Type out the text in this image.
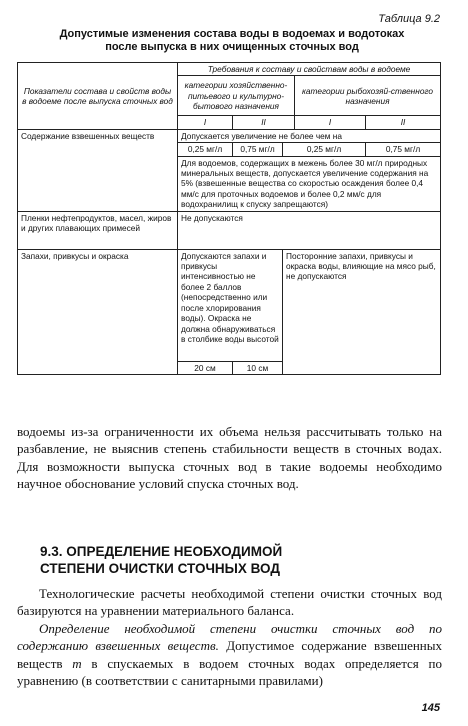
Таблица 9.2
Допустимые изменения состава воды в водоемах и водотоках
после выпуска в них очищенных сточных вод
Показатели состава и свойств воды в водоеме после выпуска сточных вод	Требования к составу и свойствам воды в водоеме				
	категории хозяйственно-питьевого и культурно-бытового назначения			категории рыбохозяй-ственного назначения	
	I	II		I	II
Содержание взвешенных веществ	Допускается увеличение не более чем на				
	0,25 мг/л	0,75 мг/л	0,25 мг/л		0,75 мг/л
	Для водоемов, содержащих в межень более 30 мг/л природных минеральных веществ, допускается увеличение содержания на 5% (взвешенные вещества со скоростью осаждения более 0,4 мм/с для проточных водоемов и более 0,2 мм/с для водохранилищ к спуску запрещаются)				
Пленки нефтепродуктов, масел, жиров и других плавающих примесей	Не допускаются				
Запахи, привкусы и окраска	Допускаются запахи и привкусы интенсивностью не более 2 баллов (непосредственно или после хлорирования воды). Окраска не должна обнаруживаться в столбике воды высотой		Посторонние запахи, привкусы и окраска воды, влияющие на мясо рыб, не допускаются		
	20 см	10 см			

водоемы из-за ограниченности их объема нельзя рассчитывать только на разбавление, не выяснив степень стабильности веществ в сточных водах. Для возможности выпуска сточных вод в такие водоемы необходимо научное обоснование условий спуска сточных вод.

9.3. ОПРЕДЕЛЕНИЕ НЕОБХОДИМОЙ
СТЕПЕНИ ОЧИСТКИ СТОЧНЫХ ВОД

Технологические расчеты необходимой степени очистки сточных вод базируются на уравнении материального баланса.

Определение необходимой степени очистки сточных вод по содержанию взвешенных веществ. Допустимое содержание взвешенных веществ m в спускаемых в водоем сточных водах определяется по уравнению (в соответствии с санитарными правилами)

145
